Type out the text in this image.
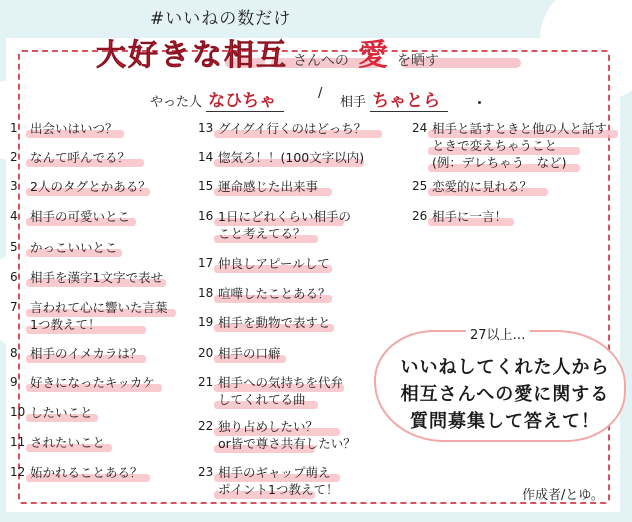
#いいねの数だけ
大好きな相互 さんへの 愛 を晒す
やった人 なひちゃ	/
相手 ちゃとら
1 出会いはいつ？
2 なんて呼んでる？
3 2人のタグとかある？
4 相手の可愛いとこ
5 かっこいいとこ
6 相手を漢字1文字で表せ
7 言われて心に響いた言葉
1つ教えて！
8 相手のイメカラは？
9 好きになったキッカケ
10 したいこと
11 されたいこと
12 妬かれることある？
13 グイグイ行くのはどっち？
14 惚気ろ！！(100文字以内)
15 運命感じた出来事
16 1日にどれくらい相手の
こと考えてる？
17 仲良しアピールして
18 喧嘩したことある？
19 相手を動物で表すと
20 相手の口癖
21 相手への気持ちを代弁
してくれてる曲
22 独り占めしたい？
or皆で尊さ共有したい？
23 相手のギャップ萌え
ポイント1つ教えて！
24 相手と話すときと他の人と話す
ときで変えちゃうこと
(例：デレちゃう　など)
25 恋愛的に見れる？
26 相手に一言！
27以上…
いいねしてくれた人から
相互さんへの愛に関する
質問募集して答えて！
作成者/とゆ。
